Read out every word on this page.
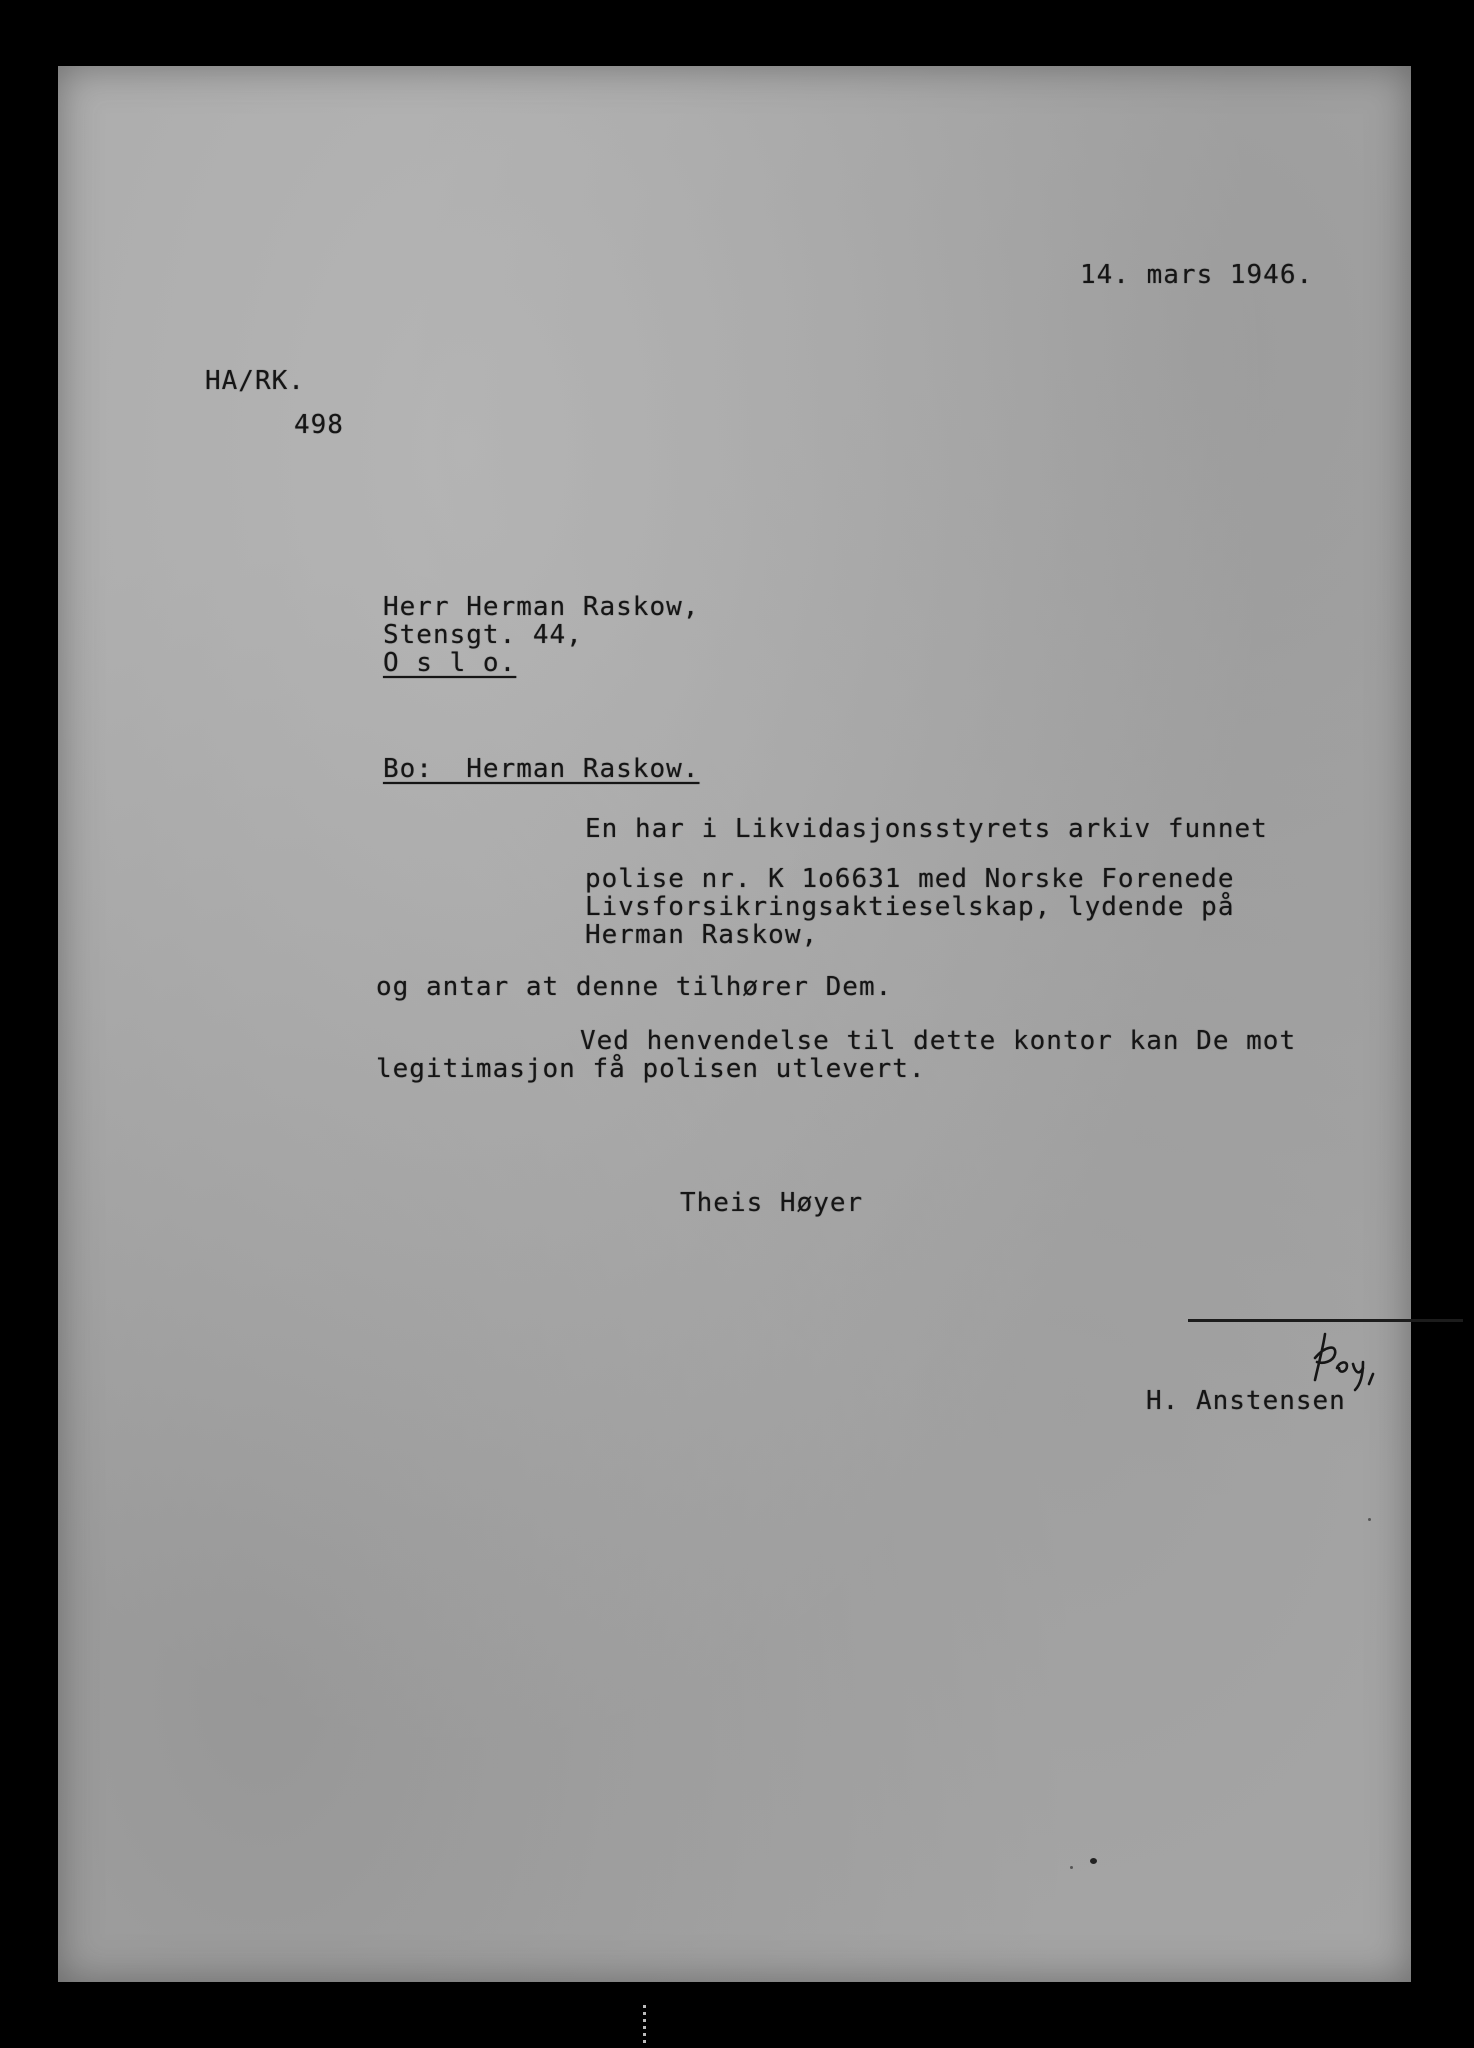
14. mars 1946.
HA/RK.
498
Herr Herman Raskow,
Stensgt. 44,
O s l o.
Bo:  Herman Raskow.
En har i Likvidasjonsstyrets arkiv funnet
polise nr. K 1o6631 med Norske Forenede
Livsforsikringsaktieselskap, lydende på
Herman Raskow,
og antar at denne tilhører Dem.
Ved henvendelse til dette kontor kan De mot
legitimasjon få polisen utlevert.
Theis Høyer
H. Anstensen
